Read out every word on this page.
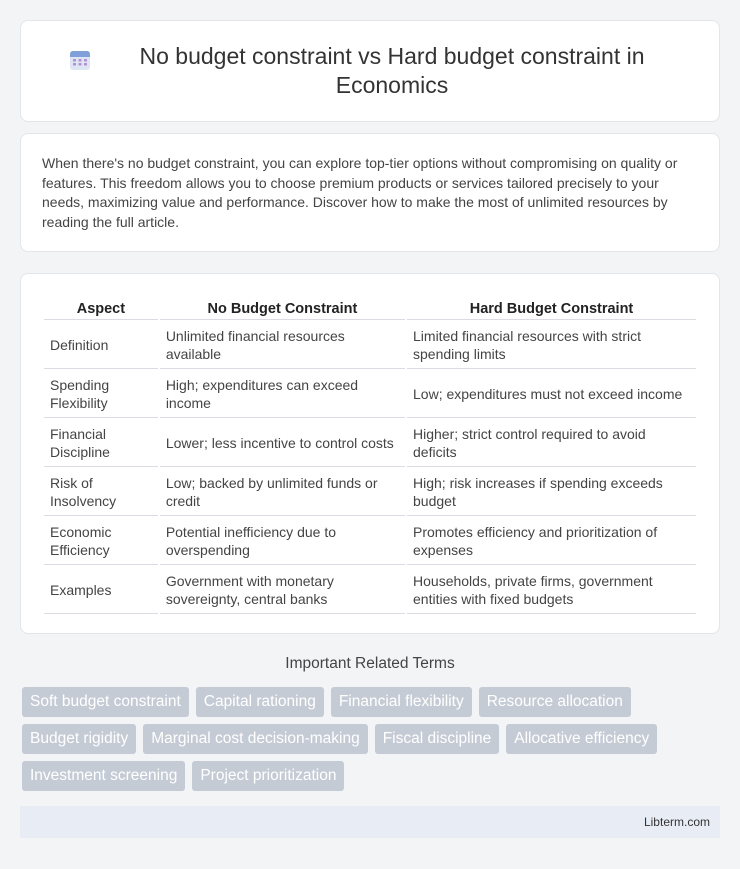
No budget constraint vs Hard budget constraint in Economics

When there's no budget constraint, you can explore top-tier options without compromising on quality or features. This freedom allows you to choose premium products or services tailored precisely to your needs, maximizing value and performance. Discover how to make the most of unlimited resources by reading the full article.

Aspect	No Budget Constraint	Hard Budget Constraint
Definition	Unlimited financial resources available	Limited financial resources with strict spending limits
Spending Flexibility	High; expenditures can exceed income	Low; expenditures must not exceed income
Financial Discipline	Lower; less incentive to control costs	Higher; strict control required to avoid deficits
Risk of Insolvency	Low; backed by unlimited funds or credit	High; risk increases if spending exceeds budget
Economic Efficiency	Potential inefficiency due to overspending	Promotes efficiency and prioritization of expenses
Examples	Government with monetary sovereignty, central banks	Households, private firms, government entities with fixed budgets
Important Related Terms
Soft budget constraint	Capital rationing	Financial flexibility	Resource allocation
Budget rigidity	Marginal cost decision-making	Fiscal discipline	Allocative efficiency
Investment screening	Project prioritization
Libterm.com
